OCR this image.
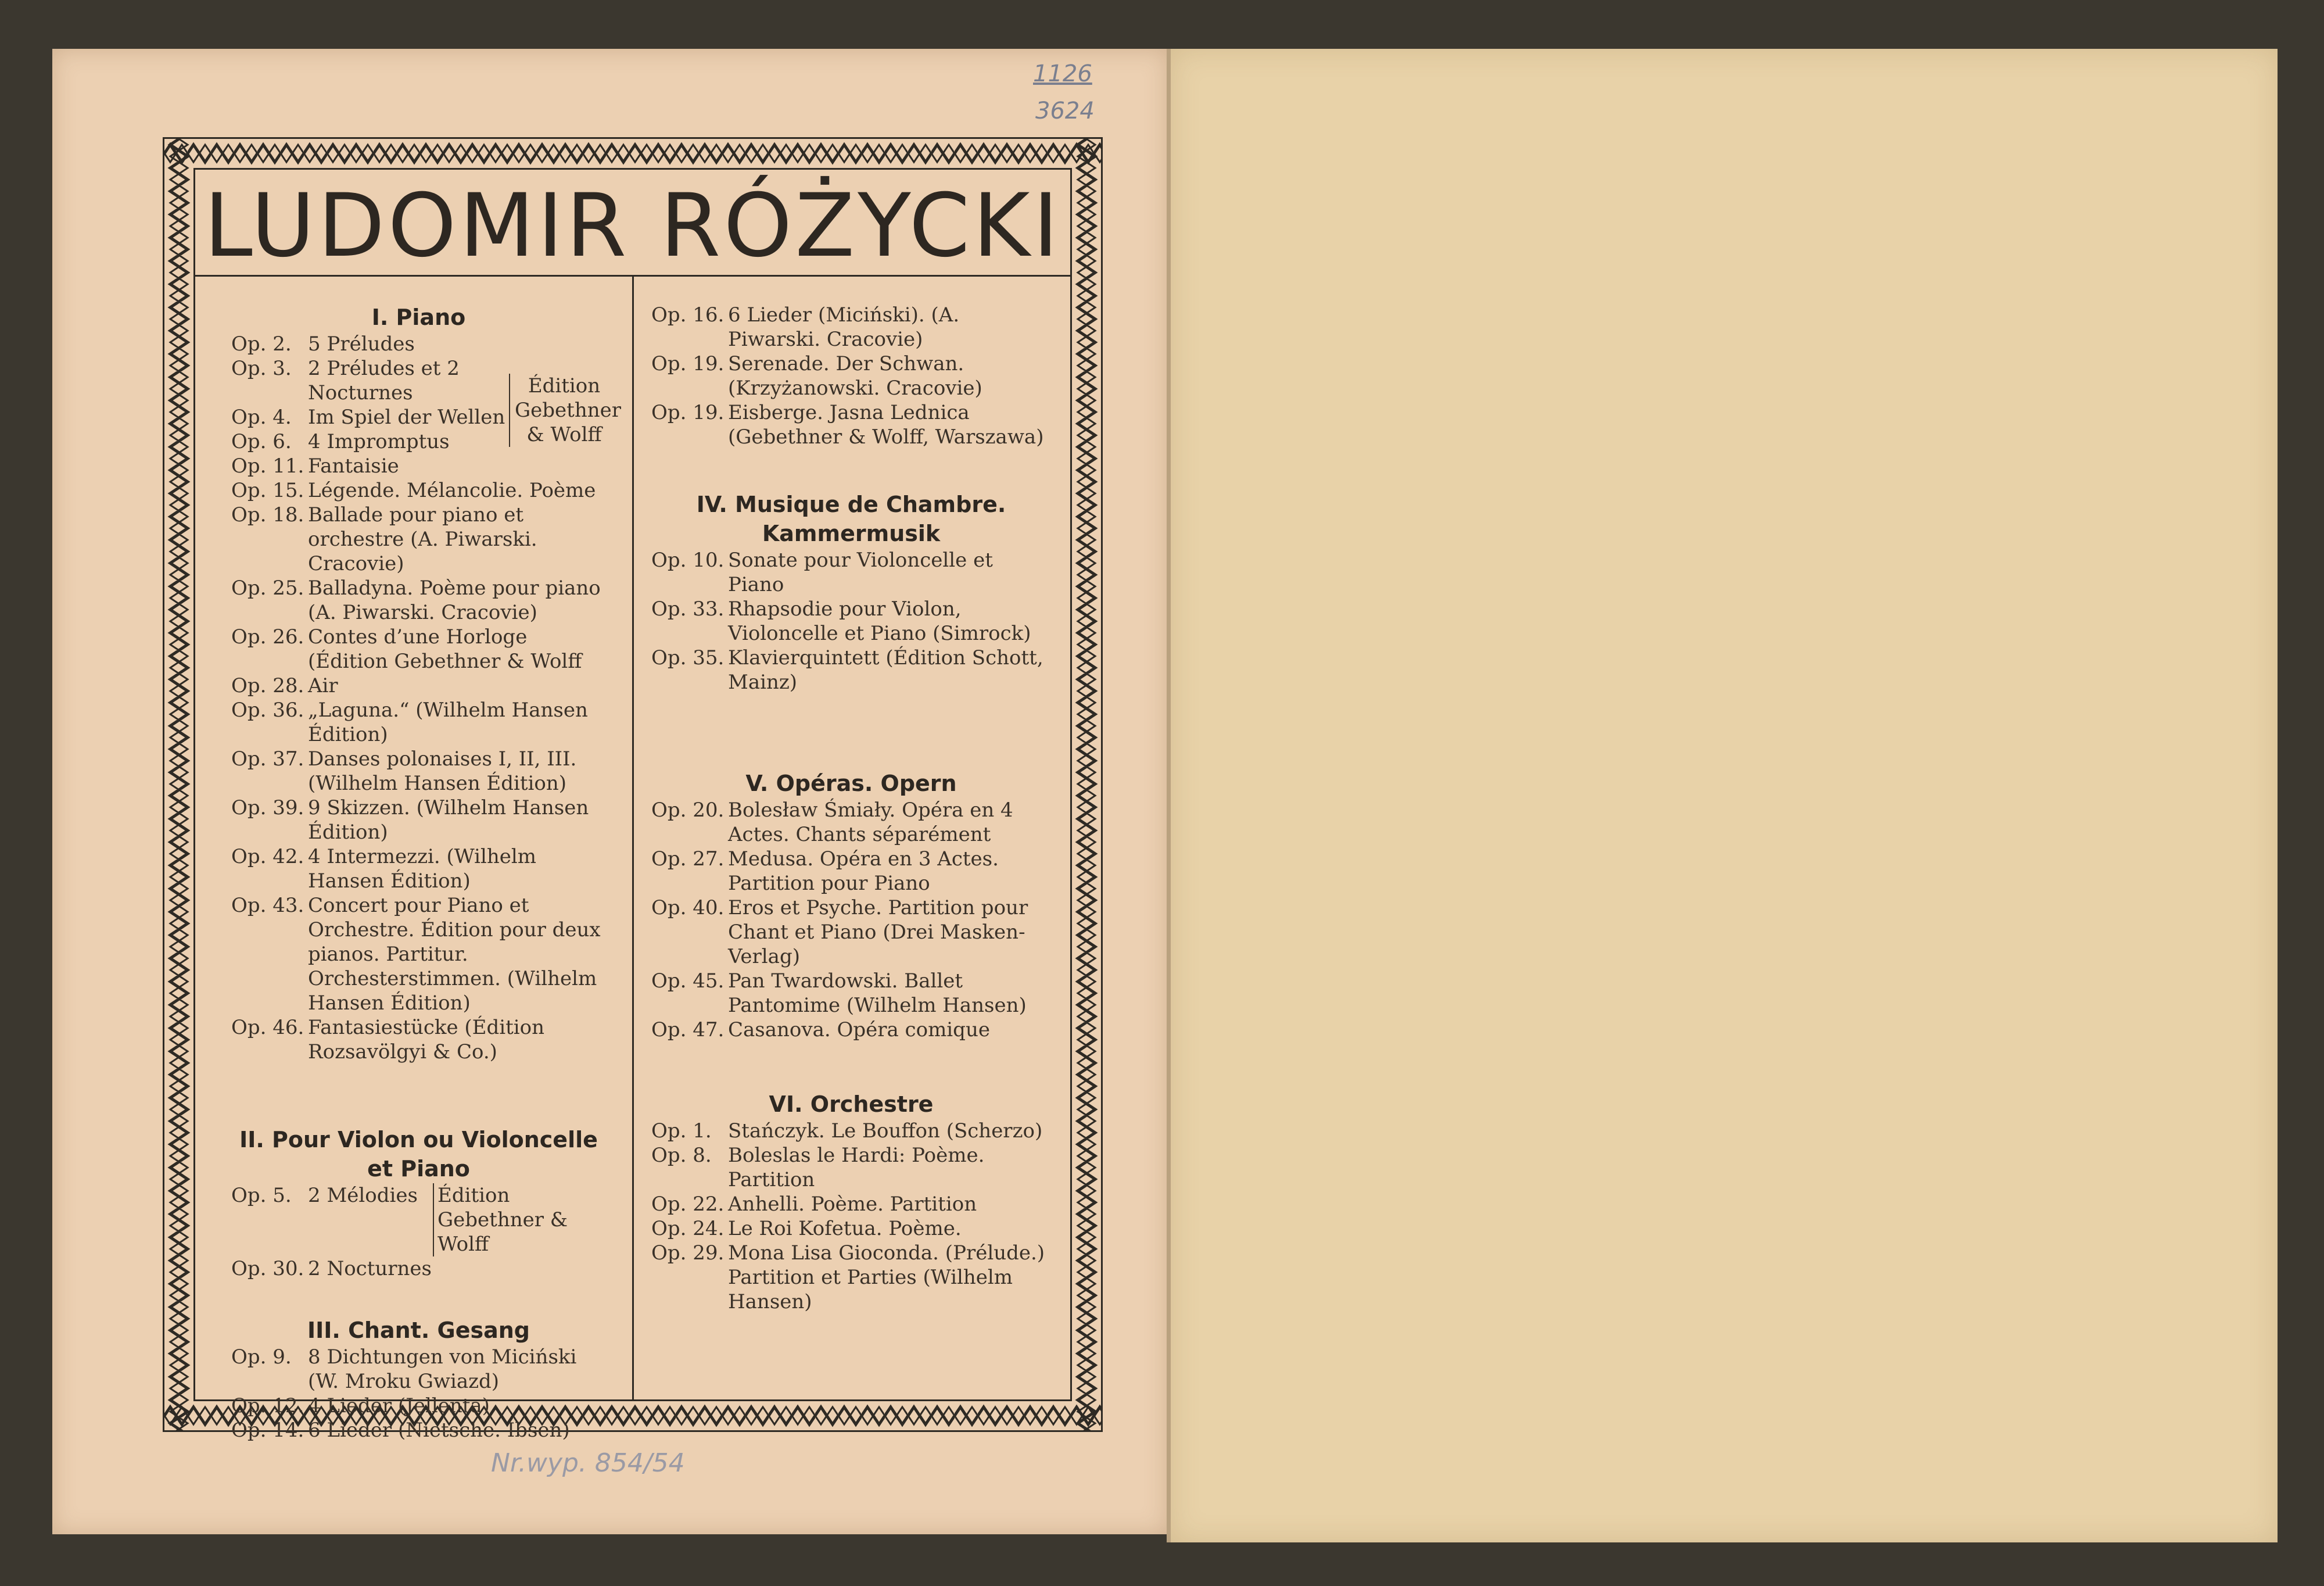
1126
3624
Nr.wyp. 854/54
LUDOMIR RÓŻYCKI
I. Piano
Op. 2. 5 Préludes
Op. 3. 2 Préludes et 2 Nocturnes
Op. 4. Im Spiel der Wellen
Op. 6. 4 Impromptus
Op. 11. Fantaisie
Édition Gebethner & Wolff
Op. 15. Légende. Mélancolie. Poème
Op. 18. Ballade pour piano et orchestre (A. Piwarski. Cracovie)
Op. 25. Balladyna. Poème pour piano (A. Piwarski. Cracovie)
Op. 26. Contes d’une Horloge (Édition Gebethner & Wolff
Op. 28. Air
Op. 36. „Laguna.“ (Wilhelm Hansen Édition)
Op. 37. Danses polonaises I, II, III. (Wilhelm Hansen Édition)
Op. 39. 9 Skizzen. (Wilhelm Hansen Édition)
Op. 42. 4 Intermezzi. (Wilhelm Hansen Édition)
Op. 43. Concert pour Piano et Orchestre. Édition pour deux pianos. Partitur. Orchesterstimmen. (Wilhelm Hansen Édition)
Op. 46. Fantasiestücke (Édition Rozsavölgyi & Co.)
II. Pour Violon ou Violoncelle et Piano
Op. 5. 2 Mélodies	Édition Gebethner & Wolff
Op. 30. 2 Nocturnes
III. Chant. Gesang
Op. 9. 8 Dichtungen von Miciński (W. Mroku Gwiazd)
Op. 12. 4 Lieder (Jellenta)
Op. 14. 6 Lieder (Nietsche. Ibsen)
Op. 16. 6 Lieder (Miciński). (A. Piwarski. Cracovie)
Op. 19. Serenade. Der Schwan. (Krzyżanowski. Cracovie)
Op. 19. Eisberge. Jasna Lednica (Gebethner & Wolff, Warszawa)
IV. Musique de Chambre. Kammermusik
Op. 10. Sonate pour Violoncelle et Piano
Op. 33. Rhapsodie pour Violon, Violoncelle et Piano (Simrock)
Op. 35. Klavierquintett (Édition Schott, Mainz)
V. Opéras. Opern
Op. 20. Bolesław Śmiały. Opéra en 4 Actes. Chants séparément
Op. 27. Medusa. Opéra en 3 Actes. Partition pour Piano
Op. 40. Eros et Psyche. Partition pour Chant et Piano (Drei Masken-Verlag)
Op. 45. Pan Twardowski. Ballet Pantomime (Wilhelm Hansen)
Op. 47. Casanova. Opéra comique
VI. Orchestre
Op. 1. Stańczyk. Le Bouffon (Scherzo)
Op. 8. Boleslas le Hardi: Poème. Partition
Op. 22. Anhelli. Poème. Partition
Op. 24. Le Roi Kofetua. Poème.
Op. 29. Mona Lisa Gioconda. (Prélude.) Partition et Parties (Wilhelm Hansen)
